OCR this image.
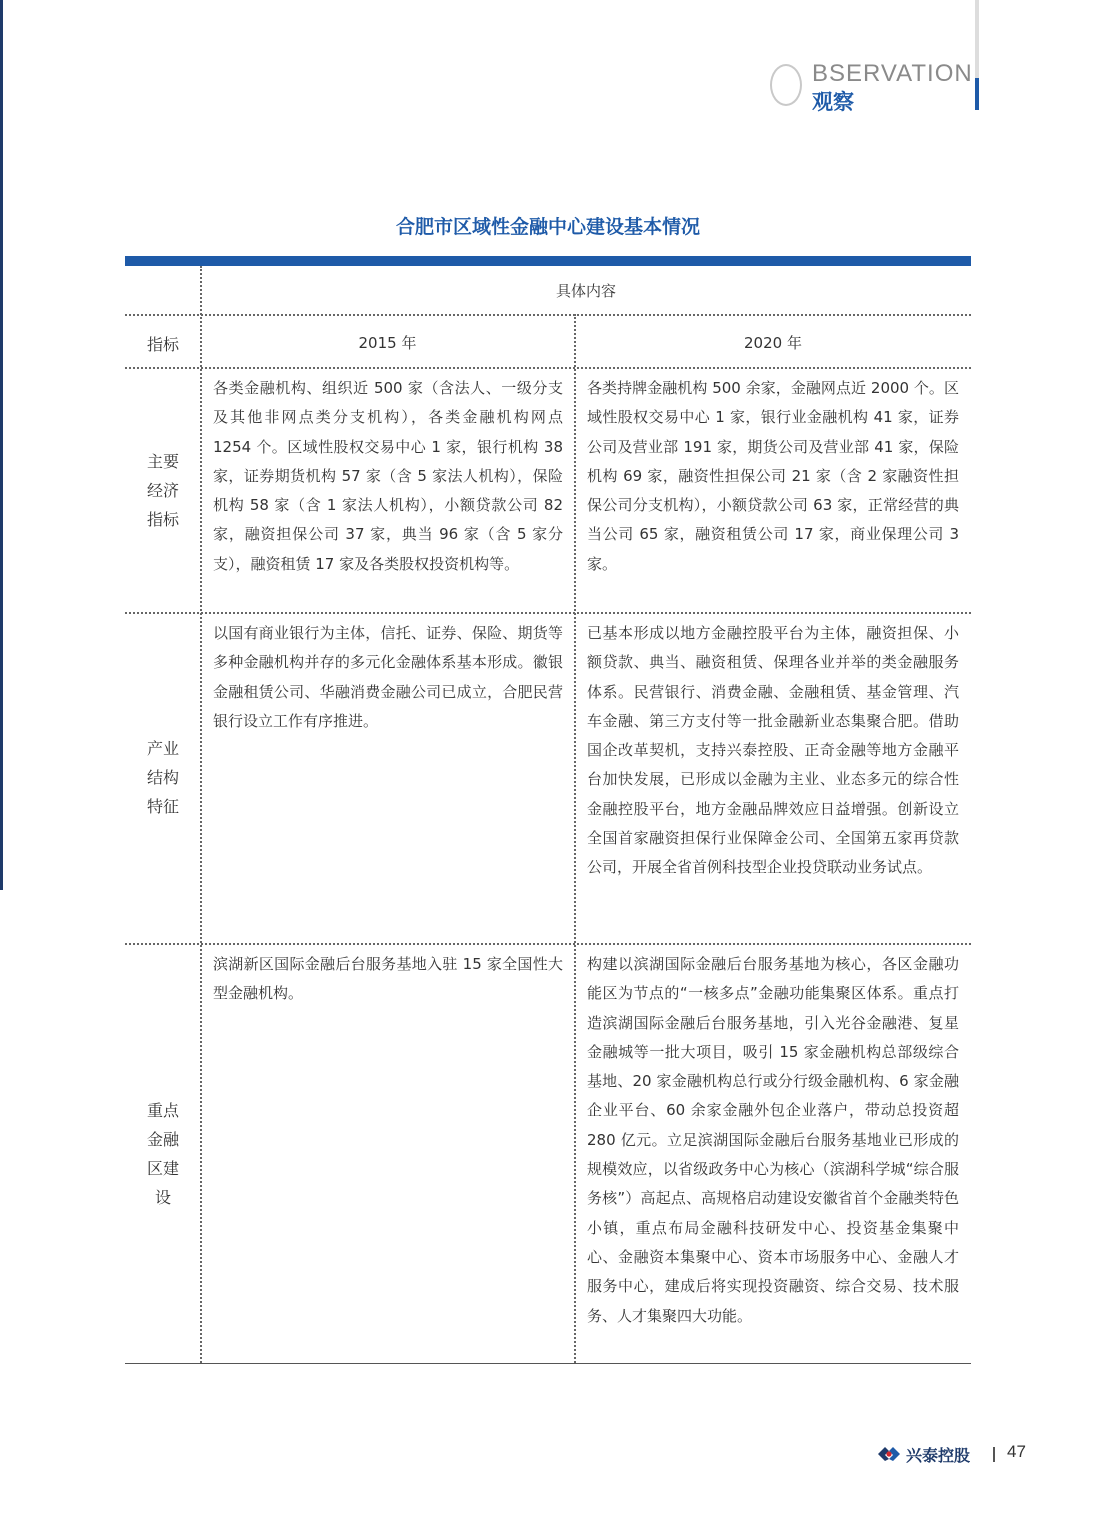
BSERVATION
观察
合肥市区域性金融中心建设基本情况
具体内容
指标	2015 年	2020 年
主要
经济
指标
各类金融机构、组织近 500 家（含法人、一级分支及其他非网点类分支机构），各类金融机构网点 1254 个。区域性股权交易中心 1 家，银行机构 38 家，证券期货机构 57 家（含 5 家法人机构），保险机构 58 家（含 1 家法人机构），小额贷款公司 82 家，融资担保公司 37 家，典当 96 家（含 5 家分支），融资租赁 17 家及各类股权投资机构等。
各类持牌金融机构 500 余家，金融网点近 2000 个。区域性股权交易中心 1 家，银行业金融机构 41 家，证券公司及营业部 191 家，期货公司及营业部 41 家，保险机构 69 家，融资性担保公司 21 家（含 2 家融资性担保公司分支机构），小额贷款公司 63 家，正常经营的典当公司 65 家，融资租赁公司 17 家，商业保理公司 3 家。
产业
结构
特征
以国有商业银行为主体，信托、证券、保险、期货等多种金融机构并存的多元化金融体系基本形成。徽银金融租赁公司、华融消费金融公司已成立，合肥民营银行设立工作有序推进。
已基本形成以地方金融控股平台为主体，融资担保、小额贷款、典当、融资租赁、保理各业并举的类金融服务体系。民营银行、消费金融、金融租赁、基金管理、汽车金融、第三方支付等一批金融新业态集聚合肥。借助国企改革契机，支持兴泰控股、正奇金融等地方金融平台加快发展，已形成以金融为主业、业态多元的综合性金融控股平台，地方金融品牌效应日益增强。创新设立全国首家融资担保行业保障金公司、全国第五家再贷款公司，开展全省首例科技型企业投贷联动业务试点。
重点
金融
区建
设
滨湖新区国际金融后台服务基地入驻 15 家全国性大型金融机构。
构建以滨湖国际金融后台服务基地为核心，各区金融功能区为节点的“一核多点”金融功能集聚区体系。重点打造滨湖国际金融后台服务基地，引入光谷金融港、复星金融城等一批大项目，吸引 15 家金融机构总部级综合基地、20 家金融机构总行或分行级金融机构、6 家金融企业平台、60 余家金融外包企业落户，带动总投资超 280 亿元。立足滨湖国际金融后台服务基地业已形成的规模效应，以省级政务中心为核心（滨湖科学城“综合服务核”）高起点、高规格启动建设安徽省首个金融类特色小镇，重点布局金融科技研发中心、投资基金集聚中心、金融资本集聚中心、资本市场服务中心、金融人才服务中心，建成后将实现投资融资、综合交易、技术服务、人才集聚四大功能。
兴泰控股 47
